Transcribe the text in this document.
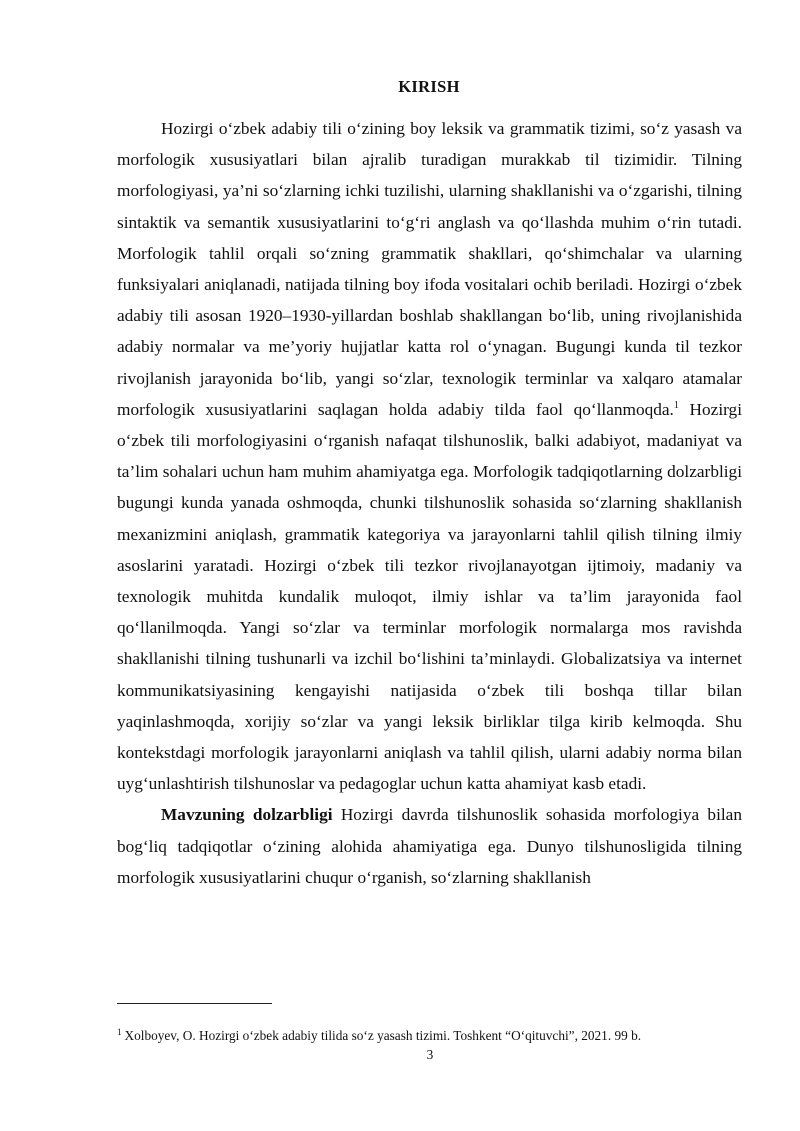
KIRISH

Hozirgi o‘zbek adabiy tili o‘zining boy leksik va grammatik tizimi, so‘z yasash va morfologik xususiyatlari bilan ajralib turadigan murakkab til tizimidir. Tilning morfologiyasi, ya’ni so‘zlarning ichki tuzilishi, ularning shakllanishi va o‘zgarishi, tilning sintaktik va semantik xususiyatlarini to‘g‘ri anglash va qo‘llashda muhim o‘rin tutadi. Morfologik tahlil orqali so‘zning grammatik shakllari, qo‘shimchalar va ularning funksiyalari aniqlanadi, natijada tilning boy ifoda vositalari ochib beriladi. Hozirgi o‘zbek adabiy tili asosan 1920–1930-yillardan boshlab shakllangan bo‘lib, uning rivojlanishida adabiy normalar va me’yoriy hujjatlar katta rol o‘ynagan. Bugungi kunda til tezkor rivojlanish jarayonida bo‘lib, yangi so‘zlar, texnologik terminlar va xalqaro atamalar morfologik xususiyatlarini saqlagan holda adabiy tilda faol qo‘llanmoqda.$^1$ Hozirgi o‘zbek tili morfologiyasini o‘rganish nafaqat tilshunoslik, balki adabiyot, madaniyat va ta’lim sohalari uchun ham muhim ahamiyatga ega. Morfologik tadqiqotlarning dolzarbligi bugungi kunda yanada oshmoqda, chunki tilshunoslik sohasida so‘zlarning shakllanish mexanizmini aniqlash, grammatik kategoriya va jarayonlarni tahlil qilish tilning ilmiy asoslarini yaratadi. Hozirgi o‘zbek tili tezkor rivojlanayotgan ijtimoiy, madaniy va texnologik muhitda kundalik muloqot, ilmiy ishlar va ta’lim jarayonida faol qo‘llanilmoqda. Yangi so‘zlar va terminlar morfologik normalarga mos ravishda shakllanishi tilning tushunarli va izchil bo‘lishini ta’minlaydi. Globalizatsiya va internet kommunikatsiyasining kengayishi natijasida o‘zbek tili boshqa tillar bilan yaqinlashmoqda, xorijiy so‘zlar va yangi leksik birliklar tilga kirib kelmoqda. Shu kontekstdagi morfologik jarayonlarni aniqlash va tahlil qilish, ularni adabiy norma bilan uyg‘unlashtirish tilshunoslar va pedagoglar uchun katta ahamiyat kasb etadi.

Mavzuning dolzarbligi Hozirgi davrda tilshunoslik sohasida morfologiya bilan bog‘liq tadqiqotlar o‘zining alohida ahamiyatiga ega. Dunyo tilshunosligida tilning morfologik xususiyatlarini chuqur o‘rganish, so‘zlarning shakllanish

$^1$ Xolboyev, O. Hozirgi o‘zbek adabiy tilida so‘z yasash tizimi. Toshkent “O‘qituvchi”, 2021. 99 b.
3
